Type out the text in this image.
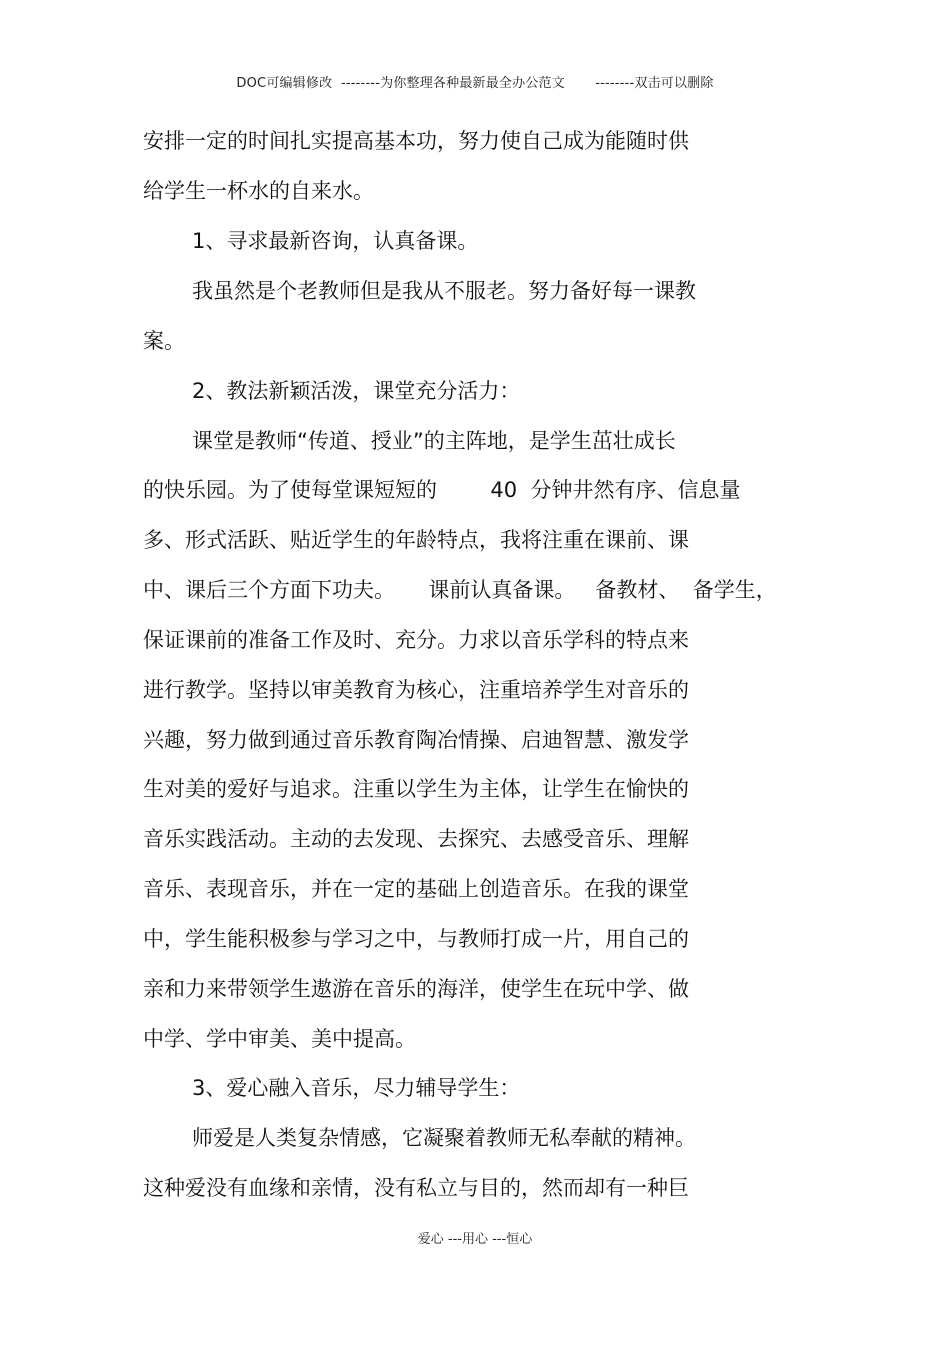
DOC可编辑修改  --------为你整理各种最新最全办公范文       --------双击可以删除
安排一定的时间扎实提高基本功，努力使自己成为能随时供
给学生一杯水的自来水。
1、寻求最新咨询，认真备课。
我虽然是个老教师但是我从不服老。努力备好每一课教
案。
2、教法新颖活泼，课堂充分活力：
课堂是教师“传道、授业”的主阵地，是学生茁壮成长
的快乐园。为了使每堂课短短的        40  分钟井然有序、信息量
多、形式活跃、贴近学生的年龄特点，我将注重在课前、课
中、课后三个方面下功夫。     课前认真备课。   备教材、  备学生，
保证课前的准备工作及时、充分。力求以音乐学科的特点来
进行教学。坚持以审美教育为核心，注重培养学生对音乐的
兴趣，努力做到通过音乐教育陶冶情操、启迪智慧、激发学
生对美的爱好与追求。注重以学生为主体，让学生在愉快的
音乐实践活动。主动的去发现、去探究、去感受音乐、理解
音乐、表现音乐，并在一定的基础上创造音乐。在我的课堂
中，学生能积极参与学习之中，与教师打成一片，用自己的
亲和力来带领学生遨游在音乐的海洋，使学生在玩中学、做
中学、学中审美、美中提高。
3、爱心融入音乐，尽力辅导学生：
师爱是人类复杂情感，它凝聚着教师无私奉献的精神。
这种爱没有血缘和亲情，没有私立与目的，然而却有一种巨
爱心 ---用心 ---恒心
